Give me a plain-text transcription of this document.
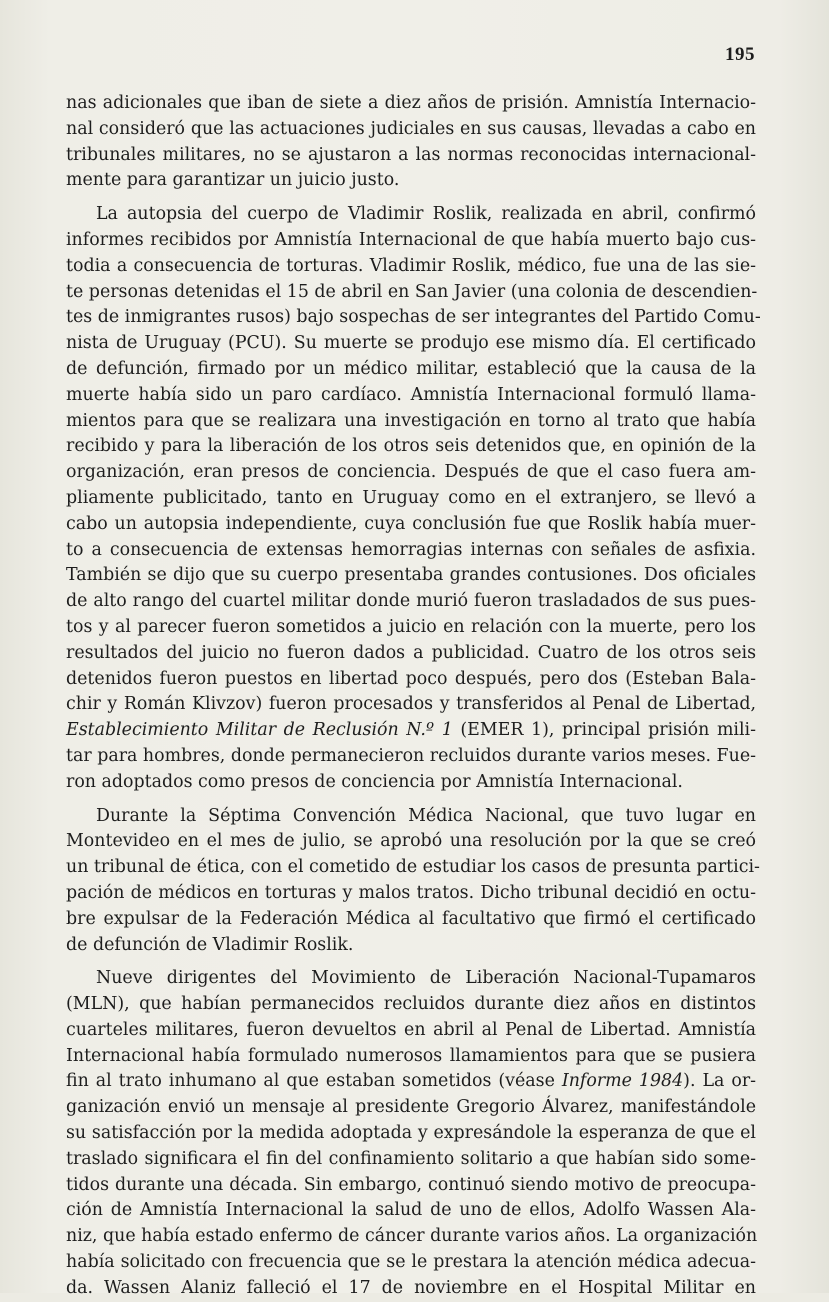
195
nas adicionales que iban de siete a diez años de prisión. Amnistía Internacio-
nal consideró que las actuaciones judiciales en sus causas, llevadas a cabo en
tribunales militares, no se ajustaron a las normas reconocidas internacional-
mente para garantizar un juicio justo.
La autopsia del cuerpo de Vladimir Roslik, realizada en abril, confirmó
informes recibidos por Amnistía Internacional de que había muerto bajo cus-
todia a consecuencia de torturas. Vladimir Roslik, médico, fue una de las sie-
te personas detenidas el 15 de abril en San Javier (una colonia de descendien-
tes de inmigrantes rusos) bajo sospechas de ser integrantes del Partido Comu-
nista de Uruguay (PCU). Su muerte se produjo ese mismo día. El certificado
de defunción, firmado por un médico militar, estableció que la causa de la
muerte había sido un paro cardíaco. Amnistía Internacional formuló llama-
mientos para que se realizara una investigación en torno al trato que había
recibido y para la liberación de los otros seis detenidos que, en opinión de la
organización, eran presos de conciencia. Después de que el caso fuera am-
pliamente publicitado, tanto en Uruguay como en el extranjero, se llevó a
cabo un autopsia independiente, cuya conclusión fue que Roslik había muer-
to a consecuencia de extensas hemorragias internas con señales de asfixia.
También se dijo que su cuerpo presentaba grandes contusiones. Dos oficiales
de alto rango del cuartel militar donde murió fueron trasladados de sus pues-
tos y al parecer fueron sometidos a juicio en relación con la muerte, pero los
resultados del juicio no fueron dados a publicidad. Cuatro de los otros seis
detenidos fueron puestos en libertad poco después, pero dos (Esteban Bala-
chir y Román Klivzov) fueron procesados y transferidos al Penal de Libertad,
Establecimiento Militar de Reclusión N.º 1 (EMER 1), principal prisión mili-
tar para hombres, donde permanecieron recluidos durante varios meses. Fue-
ron adoptados como presos de conciencia por Amnistía Internacional.
Durante la Séptima Convención Médica Nacional, que tuvo lugar en
Montevideo en el mes de julio, se aprobó una resolución por la que se creó
un tribunal de ética, con el cometido de estudiar los casos de presunta partici-
pación de médicos en torturas y malos tratos. Dicho tribunal decidió en octu-
bre expulsar de la Federación Médica al facultativo que firmó el certificado
de defunción de Vladimir Roslik.
Nueve dirigentes del Movimiento de Liberación Nacional-Tupamaros
(MLN), que habían permanecidos recluidos durante diez años en distintos
cuarteles militares, fueron devueltos en abril al Penal de Libertad. Amnistía
Internacional había formulado numerosos llamamientos para que se pusiera
fin al trato inhumano al que estaban sometidos (véase Informe 1984). La or-
ganización envió un mensaje al presidente Gregorio Álvarez, manifestándole
su satisfacción por la medida adoptada y expresándole la esperanza de que el
traslado significara el fin del confinamiento solitario a que habían sido some-
tidos durante una década. Sin embargo, continuó siendo motivo de preocupa-
ción de Amnistía Internacional la salud de uno de ellos, Adolfo Wassen Ala-
niz, que había estado enfermo de cáncer durante varios años. La organización
había solicitado con frecuencia que se le prestara la atención médica adecua-
da. Wassen Alaniz falleció el 17 de noviembre en el Hospital Militar en
